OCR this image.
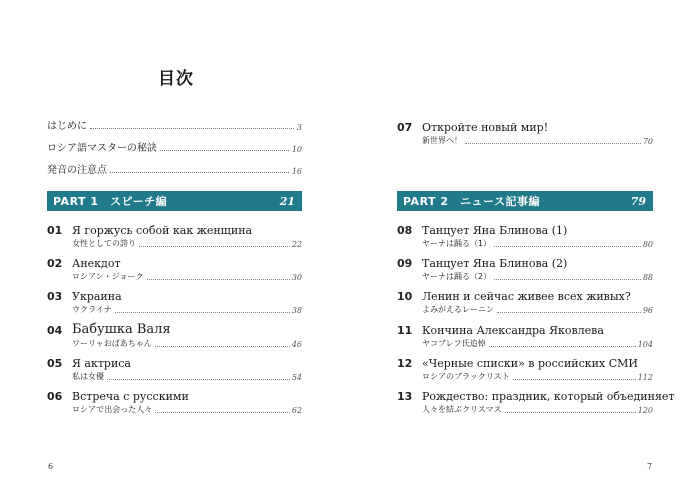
目次
はじめに	3
ロシア語マスターの秘訣	10
発音の注意点	16
PART 1　スピーチ編	21
01 Я горжусь собой как женщина
女性としての誇り	22
02 Анекдот
ロシアン・ジョーク	30
03 Украина
ウクライナ	38
04 Бабушка Валя
ワーリャおばあちゃん	46
05 Я актриса
私は女優	54
06 Встреча с русскими
ロシアで出会った人々	62
07 Откройте новый мир!
新世界へ！	70
PART 2　ニュース記事編	79
08 Танцует Яна Блинова (1)
ヤーナは踊る（1）	80
09 Танцует Яна Блинова (2)
ヤーナは踊る（2）	88
10 Ленин и сейчас живее всех живых?
よみがえるレーニン	96
11 Кончина Александра Яковлева
ヤコブレフ氏追悼	104
12 «Черные списки» в российских СМИ
ロシアのブラックリスト	112
13 Рождество: праздник, который объединяет
人々を結ぶクリスマス	120
6	7
